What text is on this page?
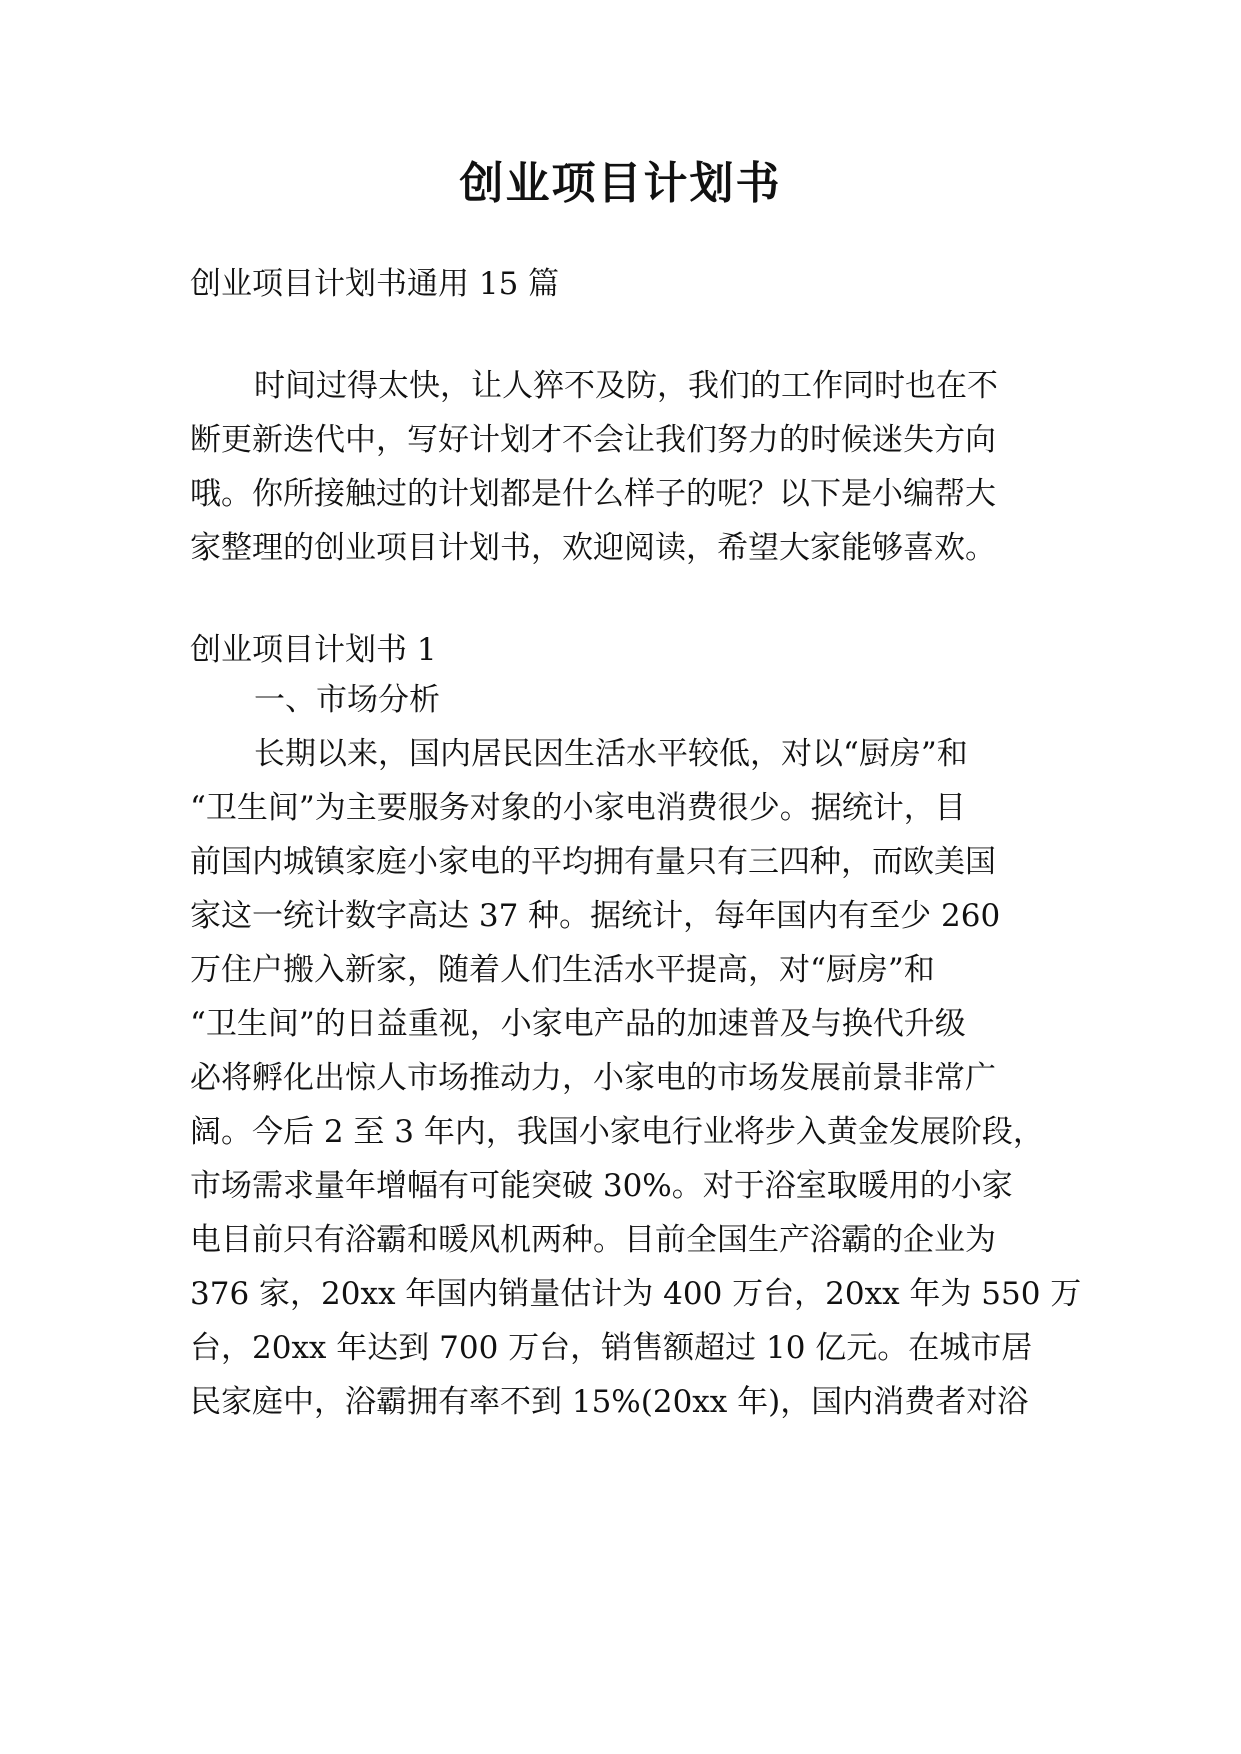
创业项目计划书

创业项目计划书通用 15 篇

时间过得太快，让人猝不及防，我们的工作同时也在不

断更新迭代中，写好计划才不会让我们努力的时候迷失方向

哦。你所接触过的计划都是什么样子的呢？以下是小编帮大

家整理的创业项目计划书，欢迎阅读，希望大家能够喜欢。

创业项目计划书 1

一、市场分析

长期以来，国内居民因生活水平较低，对以“厨房”和

“卫生间”为主要服务对象的小家电消费很少。据统计，目

前国内城镇家庭小家电的平均拥有量只有三四种，而欧美国

家这一统计数字高达 37 种。据统计，每年国内有至少 260

万住户搬入新家，随着人们生活水平提高，对“厨房”和

“卫生间”的日益重视，小家电产品的加速普及与换代升级

必将孵化出惊人市场推动力，小家电的市场发展前景非常广

阔。今后 2 至 3 年内，我国小家电行业将步入黄金发展阶段，

市场需求量年增幅有可能突破 30%。对于浴室取暖用的小家

电目前只有浴霸和暖风机两种。目前全国生产浴霸的企业为

376 家，20xx 年国内销量估计为 400 万台，20xx 年为 550 万

台，20xx 年达到 700 万台，销售额超过 10 亿元。在城市居

民家庭中，浴霸拥有率不到 15%(20xx 年)，国内消费者对浴
